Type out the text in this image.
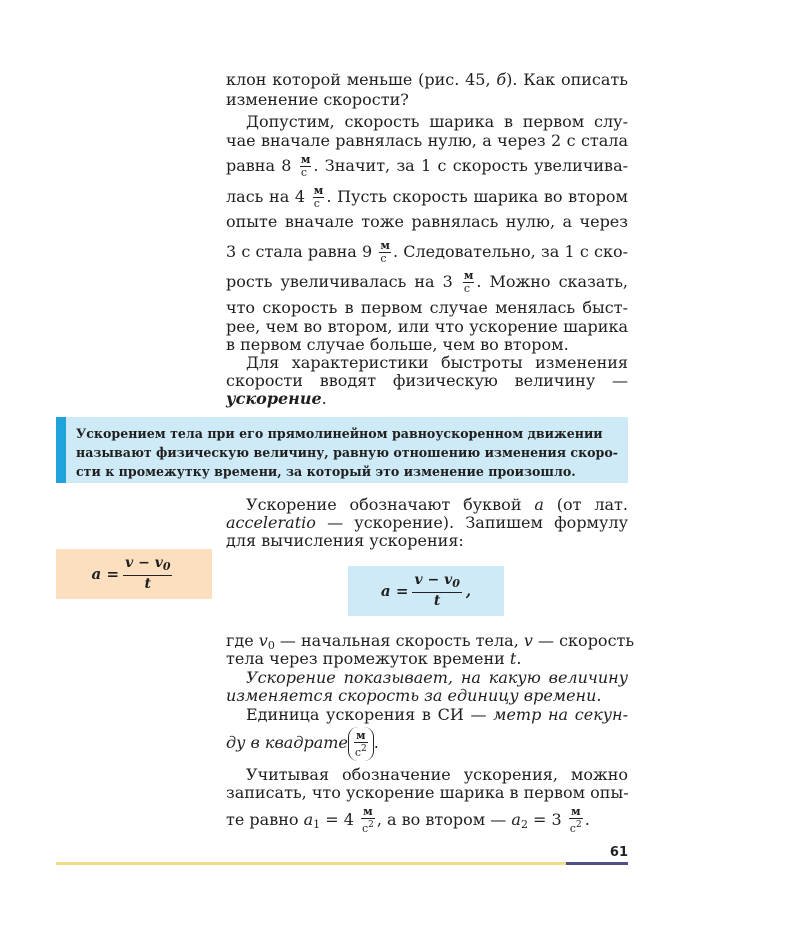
клон которой меньше (рис. 45, б). Как описать
изменение скорости?
Допустим, скорость шарика в первом слу-
чае вначале равнялась нулю, а через 2 с стала
равна 8 м
с . Значит, за 1 с скорость увеличива-
лась на 4 м
с . Пусть скорость шарика во втором
опыте вначале тоже равнялась нулю, а через
3 с стала равна 9 м
с . Следовательно, за 1 с ско-
рость увеличивалась на 3 м
с . Можно сказать,
что скорость в первом случае менялась быст-
рее, чем во втором, или что ускорение шарика
в первом случае больше, чем во втором.
Для характеристики быстроты изменения
скорости вводят физическую величину —
ускорение.
Ускорение обозначают буквой a (от лат.
acceleratio — ускорение). Запишем формулу
для вычисления ускорения:
где $v_0$ — начальная скорость тела, v — скорость
тела через промежуток времени t.
Ускорение показывает, на какую величину
изменяется скорость за единицу времени.
Единица ускорения в СИ — метр на секун-
ду в квадрате м
$с^2$ .
Учитывая обозначение ускорения, можно
записать, что ускорение шарика в первом опы-
те равно $a_1 = 4$ м
$с^2$ , а во втором — $a_2 = 3$ м
$с^2$ .
Ускорением тела при его прямолинейном равноускоренном движении
называют физическую величину, равную отношению изменения скоро-
сти к промежутку времени, за который это изменение произошло.
a
= $\frac{v - v_0}{t}$	a
= $\frac{v - v_0}{t}$ ,
61
